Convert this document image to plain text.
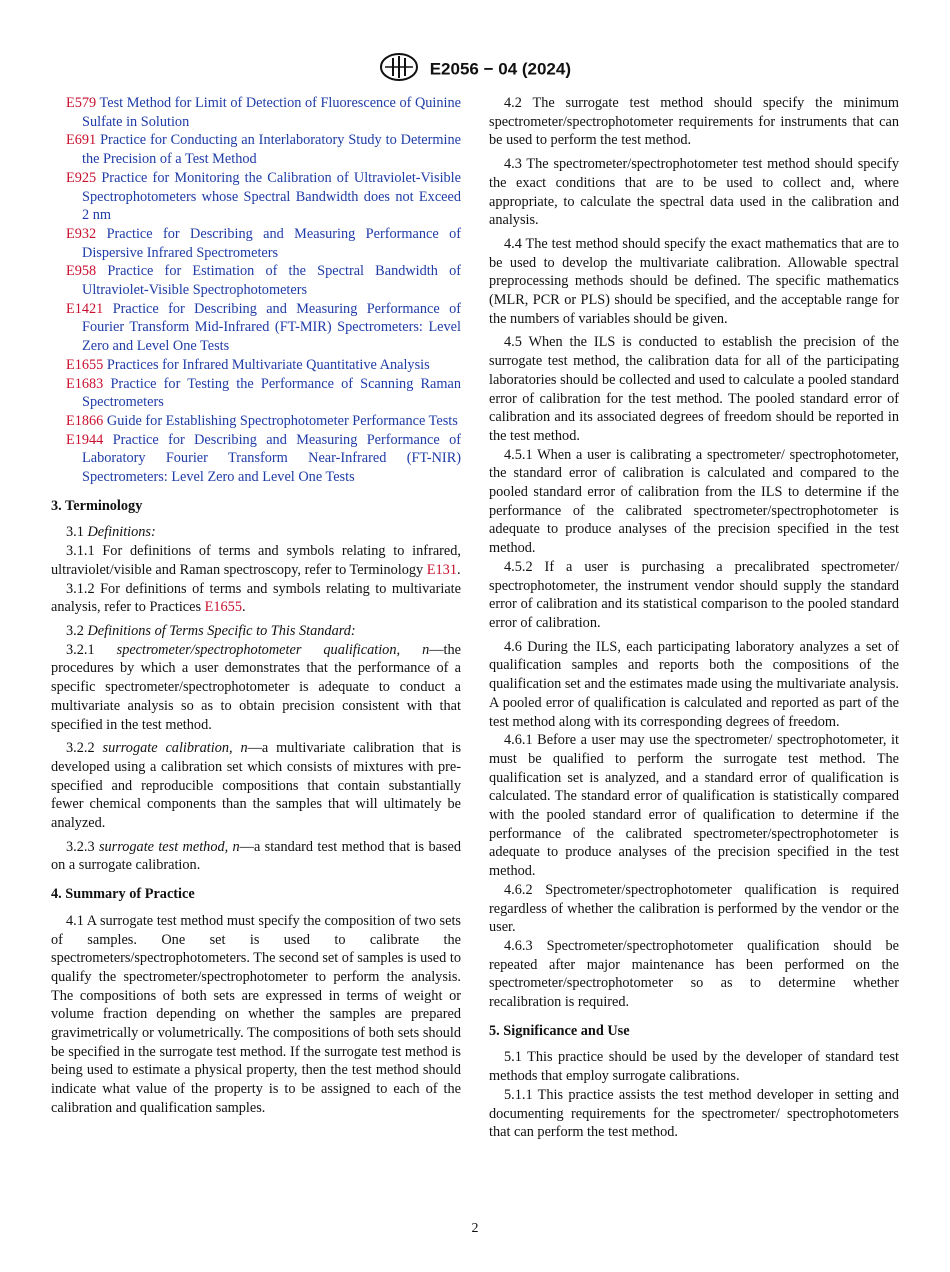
E2056 − 04 (2024)

E579 Test Method for Limit of Detection of Fluorescence of Quinine Sulfate in Solution

E691 Practice for Conducting an Interlaboratory Study to Determine the Precision of a Test Method

E925 Practice for Monitoring the Calibration of Ultraviolet-Visible Spectrophotometers whose Spectral Bandwidth does not Exceed 2 nm

E932 Practice for Describing and Measuring Performance of Dispersive Infrared Spectrometers

E958 Practice for Estimation of the Spectral Bandwidth of Ultraviolet-Visible Spectrophotometers

E1421 Practice for Describing and Measuring Performance of Fourier Transform Mid-Infrared (FT-MIR) Spectrometers: Level Zero and Level One Tests

E1655 Practices for Infrared Multivariate Quantitative Analysis

E1683 Practice for Testing the Performance of Scanning Raman Spectrometers

E1866 Guide for Establishing Spectrophotometer Performance Tests

E1944 Practice for Describing and Measuring Performance of Laboratory Fourier Transform Near-Infrared (FT-NIR) Spectrometers: Level Zero and Level One Tests

3. Terminology

3.1 Definitions:

3.1.1 For definitions of terms and symbols relating to infrared, ultraviolet/visible and Raman spectroscopy, refer to Terminology E131.

3.1.2 For definitions of terms and symbols relating to multivariate analysis, refer to Practices E1655.

3.2 Definitions of Terms Specific to This Standard:

3.2.1 spectrometer/spectrophotometer qualification, n—the procedures by which a user demonstrates that the performance of a specific spectrometer/spectrophotometer is adequate to conduct a multivariate analysis so as to obtain precision consistent with that specified in the test method.

3.2.2 surrogate calibration, n—a multivariate calibration that is developed using a calibration set which consists of mixtures with pre-specified and reproducible compositions that contain substantially fewer chemical components than the samples that will ultimately be analyzed.

3.2.3 surrogate test method, n—a standard test method that is based on a surrogate calibration.

4. Summary of Practice

4.1 A surrogate test method must specify the composition of two sets of samples. One set is used to calibrate the spectrometers/spectrophotometers. The second set of samples is used to qualify the spectrometer/spectrophotometer to perform the analysis. The compositions of both sets are expressed in terms of weight or volume fraction depending on whether the samples are prepared gravimetrically or volumetrically. The compositions of both sets should be specified in the surrogate test method. If the surrogate test method is being used to estimate a physical property, then the test method should indicate what value of the property is to be assigned to each of the calibration and qualification samples.

4.2 The surrogate test method should specify the minimum spectrometer/spectrophotometer requirements for instruments that can be used to perform the test method.

4.3 The spectrometer/spectrophotometer test method should specify the exact conditions that are to be used to collect and, where appropriate, to calculate the spectral data used in the calibration and analysis.

4.4 The test method should specify the exact mathematics that are to be used to develop the multivariate calibration. Allowable spectral preprocessing methods should be defined. The specific mathematics (MLR, PCR or PLS) should be specified, and the acceptable range for the numbers of variables should be given.

4.5 When the ILS is conducted to establish the precision of the surrogate test method, the calibration data for all of the participating laboratories should be collected and used to calculate a pooled standard error of calibration for the test method. The pooled standard error of calibration and its associated degrees of freedom should be reported in the test method.

4.5.1 When a user is calibrating a spectrometer/ spectrophotometer, the standard error of calibration is calculated and compared to the pooled standard error of calibration from the ILS to determine if the performance of the calibrated spectrometer/spectrophotometer is adequate to produce analyses of the precision specified in the test method.

4.5.2 If a user is purchasing a precalibrated spectrometer/ spectrophotometer, the instrument vendor should supply the standard error of calibration and its statistical comparison to the pooled standard error of calibration.

4.6 During the ILS, each participating laboratory analyzes a set of qualification samples and reports both the compositions of the qualification set and the estimates made using the multivariate analysis. A pooled error of qualification is calculated and reported as part of the test method along with its corresponding degrees of freedom.

4.6.1 Before a user may use the spectrometer/ spectrophotometer, it must be qualified to perform the surrogate test method. The qualification set is analyzed, and a standard error of qualification is calculated. The standard error of qualification is statistically compared with the pooled standard error of qualification to determine if the performance of the calibrated spectrometer/spectrophotometer is adequate to produce analyses of the precision specified in the test method.

4.6.2 Spectrometer/spectrophotometer qualification is required regardless of whether the calibration is performed by the vendor or the user.

4.6.3 Spectrometer/spectrophotometer qualification should be repeated after major maintenance has been performed on the spectrometer/spectrophotometer so as to determine whether recalibration is required.

5. Significance and Use

5.1 This practice should be used by the developer of standard test methods that employ surrogate calibrations.

5.1.1 This practice assists the test method developer in setting and documenting requirements for the spectrometer/ spectrophotometers that can perform the test method.

2
